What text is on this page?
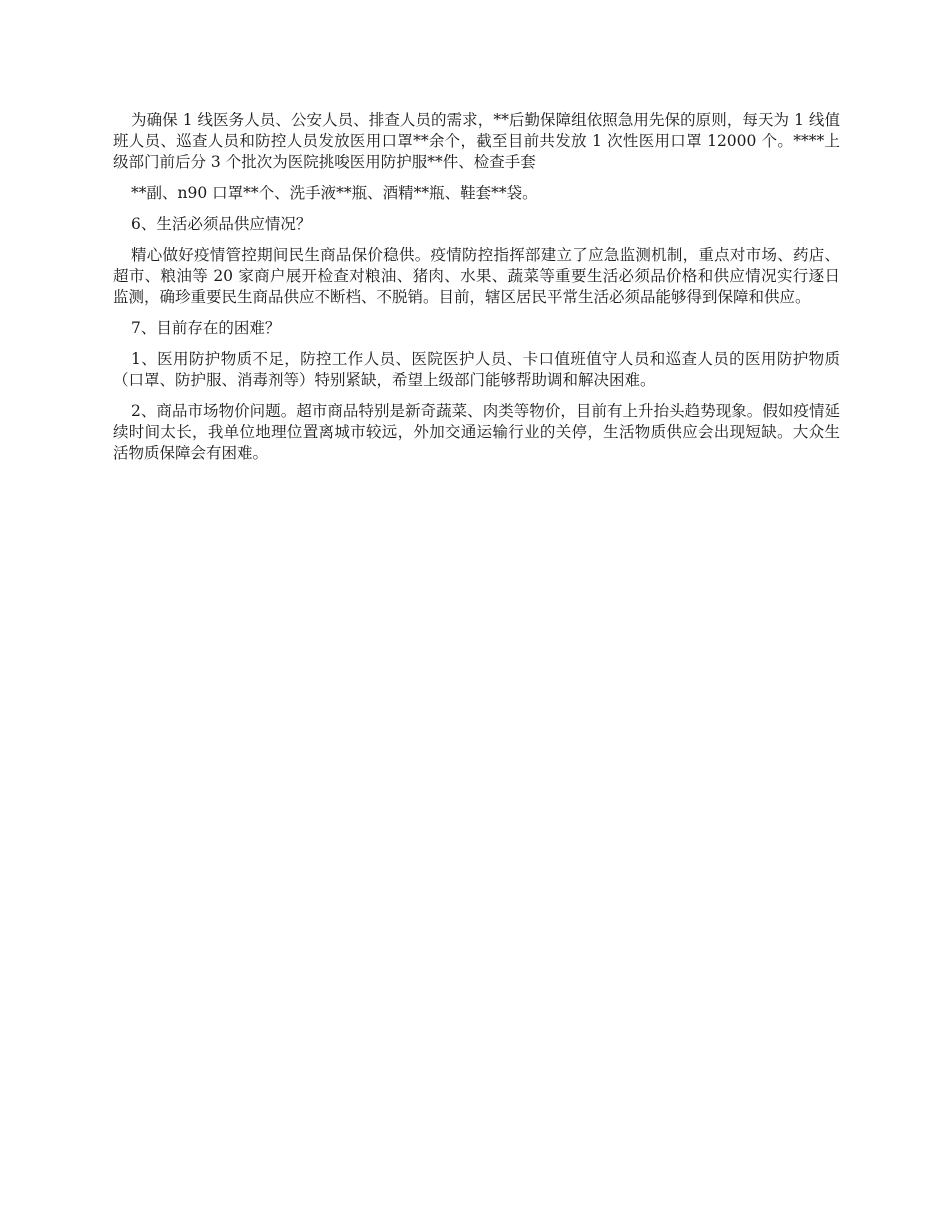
为确保 1 线医务人员、公安人员、排查人员的需求，**后勤保障组依照急用先保的原则，每天为 1 线值班人员、巡查人员和防控人员发放医用口罩**余个，截至目前共发放 1 次性医用口罩 12000 个。****上级部门前后分 3 个批次为医院挑唆医用防护服**件、检查手套

**副、n90 口罩**个、洗手液**瓶、酒精**瓶、鞋套**袋。

6、生活必须品供应情况？

精心做好疫情管控期间民生商品保价稳供。疫情防控指挥部建立了应急监测机制，重点对市场、药店、超市、粮油等 20 家商户展开检查对粮油、猪肉、水果、蔬菜等重要生活必须品价格和供应情况实行逐日监测，确珍重要民生商品供应不断档、不脱销。目前，辖区居民平常生活必须品能够得到保障和供应。

7、目前存在的困难？

1、医用防护物质不足，防控工作人员、医院医护人员、卡口值班值守人员和巡查人员的医用防护物质（口罩、防护服、消毒剂等）特别紧缺，希望上级部门能够帮助调和解决困难。

2、商品市场物价问题。超市商品特别是新奇蔬菜、肉类等物价，目前有上升抬头趋势现象。假如疫情延续时间太长，我单位地理位置离城市较远，外加交通运输行业的关停，生活物质供应会出现短缺。大众生活物质保障会有困难。
